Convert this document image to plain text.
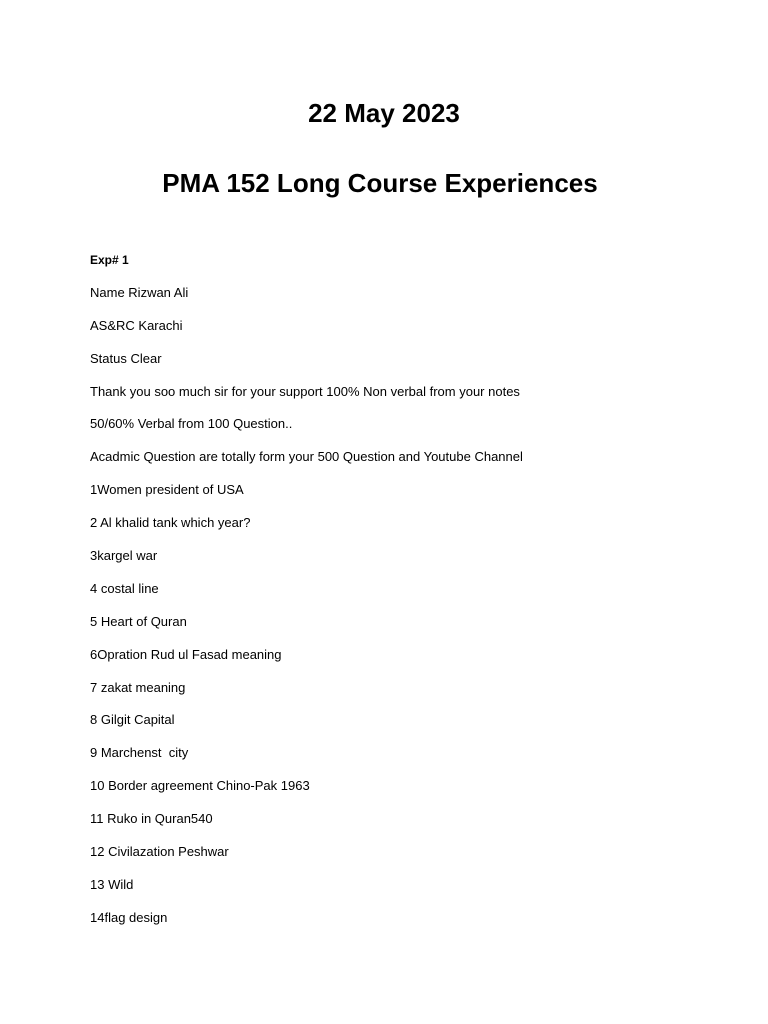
22 May 2023
PMA 152 Long Course Experiences
Exp# 1
Name Rizwan Ali
AS&RC Karachi
Status Clear
Thank you soo much sir for your support 100% Non verbal from your notes
50/60% Verbal from 100 Question..
Acadmic Question are totally form your 500 Question and Youtube Channel
1Women president of USA
2 Al khalid tank which year?
3kargel war
4 costal line
5 Heart of Quran
6Opration Rud ul Fasad meaning
7 zakat meaning
8 Gilgit Capital
9 Marchenst  city
10 Border agreement Chino-Pak 1963
11 Ruko in Quran540
12 Civilazation Peshwar
13 Wild
14flag design
